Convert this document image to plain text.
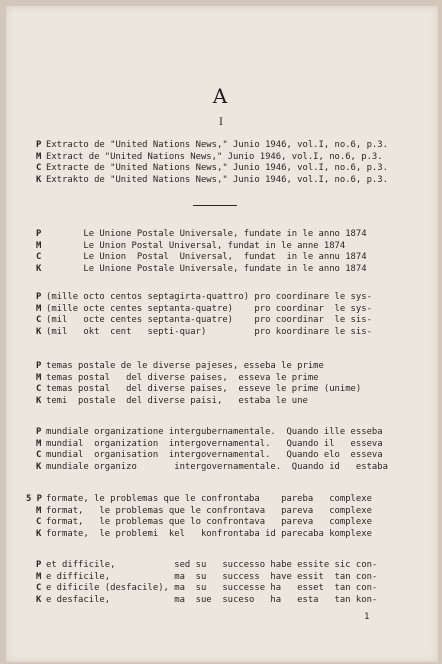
A
I
P Extracto de "United Nations News," Junio 1946, vol.I, no.6, p.3.
M Extract de "United Nations News," Junio 1946, vol.I, no.6, p.3.
C Extracte de "United Nations News," Junio 1946, vol.I, no.6, p.3.
K Extrakto de "United Nations News," Junio 1946, vol.I, no.6, p.3.
P Le Unione Postale Universale, fundate in le anno 1874
M Le Union Postal Universal, fundat in le anne 1874
C Le Union  Postal  Universal,  fundat  in le annu 1874
K Le Unione Postale Universale, fundate in le anno 1874
P (mille octo centos septagirta-quattro) pro coordinare le sys-
M (mille octe centes septanta-quatre)    pro coordinar  le sys-
C (mil   octe centes septanta-quatre)    pro coordinar  le sis-
K (mil   okt  cent   septi-quar)         pro koordinare le sis-
P temas postale de le diverse pajeses, esseba le prime
M temas postal   del diverse paises,  esseva le prime
C temas postal   del diverse paises,  esseve le prime (unime)
K temi  postale  del diverse paisi,   estaba le une
P mundiale organizatione intergubernamentale.  Quando ille esseba
M mundial  organization  intergovernamental.   Quando il   esseva
C mundial  organisation  intergovernamental.   Quando elo  esseva
K mundiale organizo       intergovernamentale.  Quando id   estaba
5 P formate, le problemas que le confrontaba    pareba   complexe
M format,   le problemas que le confrontava   pareva   complexe
C format,   le problemas que lo confrontava   pareva   complexe
K formate,  le problemi  kel   konfrontaba id parecaba komplexe
P et difficile,           sed su   successo habe essite sic con-
M e difficile,            ma  su   success  have essit  tan con-
C e dificile (desfacile), ma  su   successe ha   esset  tan con-
K e desfacile,            ma  sue  suceso   ha   esta   tan kon-
1
